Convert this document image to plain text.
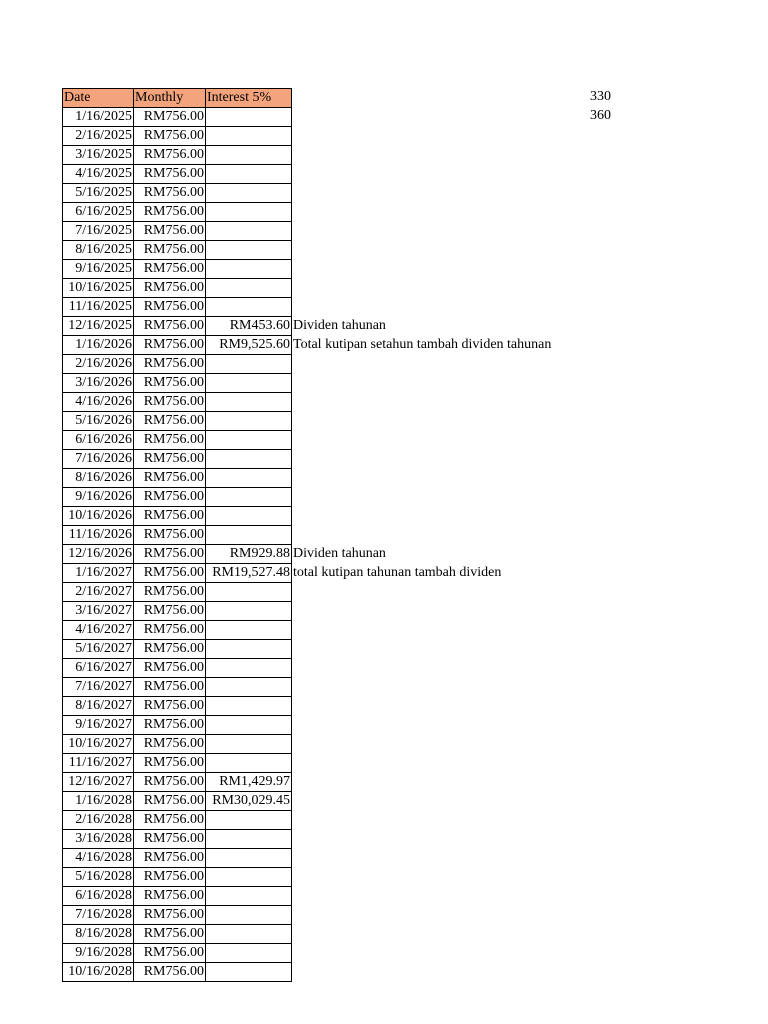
Date	Monthly	Interest 5%	
1/16/2025	RM756.00		
2/16/2025	RM756.00		
3/16/2025	RM756.00		
4/16/2025	RM756.00		
5/16/2025	RM756.00		
6/16/2025	RM756.00		
7/16/2025	RM756.00		
8/16/2025	RM756.00		
9/16/2025	RM756.00		
10/16/2025	RM756.00		
11/16/2025	RM756.00		
12/16/2025	RM756.00	RM453.60	Dividen tahunan
1/16/2026	RM756.00	RM9,525.60	Total kutipan setahun tambah dividen tahunan
2/16/2026	RM756.00		
3/16/2026	RM756.00		
4/16/2026	RM756.00		
5/16/2026	RM756.00		
6/16/2026	RM756.00		
7/16/2026	RM756.00		
8/16/2026	RM756.00		
9/16/2026	RM756.00		
10/16/2026	RM756.00		
11/16/2026	RM756.00		
12/16/2026	RM756.00	RM929.88	Dividen tahunan
1/16/2027	RM756.00	RM19,527.48	total kutipan tahunan tambah dividen
2/16/2027	RM756.00		
3/16/2027	RM756.00		
4/16/2027	RM756.00		
5/16/2027	RM756.00		
6/16/2027	RM756.00		
7/16/2027	RM756.00		
8/16/2027	RM756.00		
9/16/2027	RM756.00		
10/16/2027	RM756.00		
11/16/2027	RM756.00		
12/16/2027	RM756.00	RM1,429.97	
1/16/2028	RM756.00	RM30,029.45	
2/16/2028	RM756.00		
3/16/2028	RM756.00		
4/16/2028	RM756.00		
5/16/2028	RM756.00		
6/16/2028	RM756.00		
7/16/2028	RM756.00		
8/16/2028	RM756.00		
9/16/2028	RM756.00		
10/16/2028	RM756.00		
330
360
